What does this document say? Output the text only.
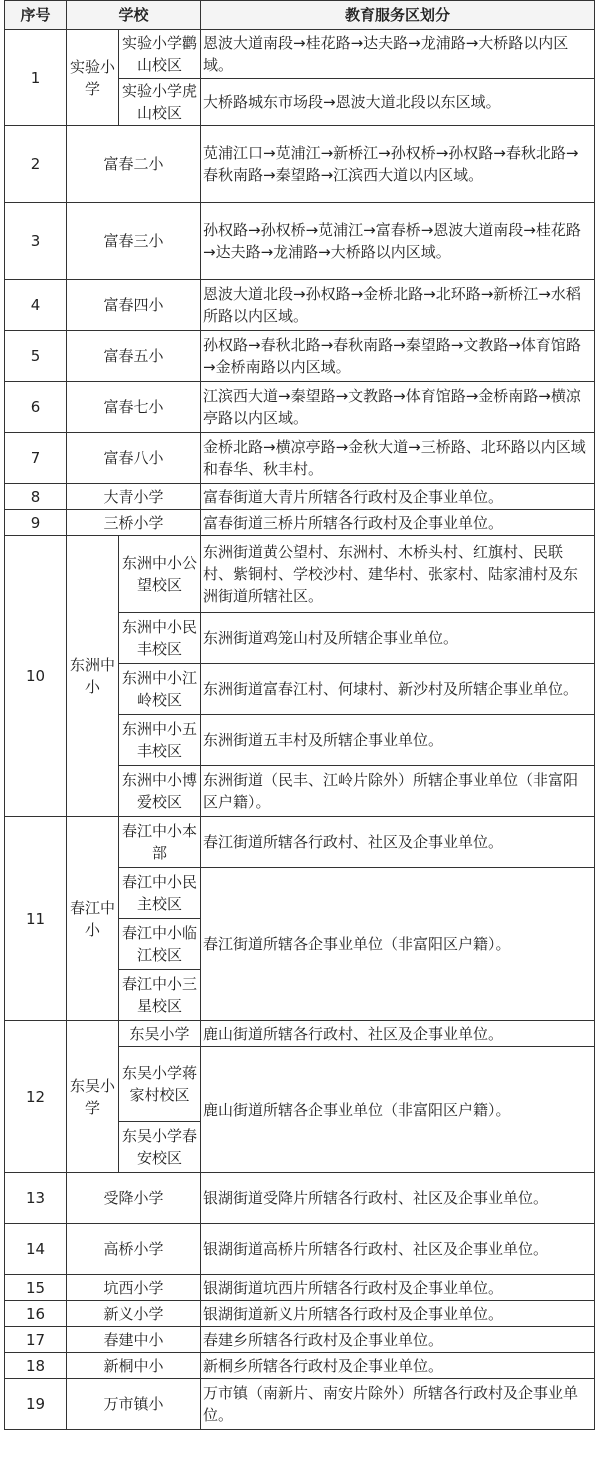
序号	学校		教育服务区划分
1	实验小学	实验小学鹳山校区	恩波大道南段→桂花路→达夫路→龙浦路→大桥路以内区域。
		实验小学虎山校区	大桥路城东市场段→恩波大道北段以东区域。
2	富春二小		苋浦江口→苋浦江→新桥江→孙权桥→孙权路→春秋北路→春秋南路→秦望路→江滨西大道以内区域。
3	富春三小		孙权路→孙权桥→苋浦江→富春桥→恩波大道南段→桂花路→达夫路→龙浦路→大桥路以内区域。
4	富春四小		恩波大道北段→孙权路→金桥北路→北环路→新桥江→水稻所路以内区域。
5	富春五小		孙权路→春秋北路→春秋南路→秦望路→文教路→体育馆路→金桥南路以内区域。
6	富春七小		江滨西大道→秦望路→文教路→体育馆路→金桥南路→横凉亭路以内区域。
7	富春八小		金桥北路→横凉亭路→金秋大道→三桥路、北环路以内区域和春华、秋丰村。
8	大青小学		富春街道大青片所辖各行政村及企事业单位。
9	三桥小学		富春街道三桥片所辖各行政村及企事业单位。
10	东洲中小	东洲中小公望校区	东洲街道黄公望村、东洲村、木桥头村、红旗村、民联村、紫铜村、学校沙村、建华村、张家村、陆家浦村及东洲街道所辖社区。
		东洲中小民丰校区	东洲街道鸡笼山村及所辖企事业单位。
		东洲中小江岭校区	东洲街道富春江村、何埭村、新沙村及所辖企事业单位。
		东洲中小五丰校区	东洲街道五丰村及所辖企事业单位。
		东洲中小博爱校区	东洲街道（民丰、江岭片除外）所辖企事业单位（非富阳区户籍）。
11	春江中小	春江中小本部	春江街道所辖各行政村、社区及企事业单位。
		春江中小民主校区	春江街道所辖各企事业单位（非富阳区户籍）。
		春江中小临江校区	
		春江中小三星校区	
12	东吴小学	东吴小学	鹿山街道所辖各行政村、社区及企事业单位。
		东吴小学蒋家村校区	鹿山街道所辖各企事业单位（非富阳区户籍）。
		东吴小学春安校区	
13	受降小学		银湖街道受降片所辖各行政村、社区及企事业单位。
14	高桥小学		银湖街道高桥片所辖各行政村、社区及企事业单位。
15	坑西小学		银湖街道坑西片所辖各行政村及企事业单位。
16	新义小学		银湖街道新义片所辖各行政村及企事业单位。
17	春建中小		春建乡所辖各行政村及企事业单位。
18	新桐中小		新桐乡所辖各行政村及企事业单位。
19	万市镇小		万市镇（南新片、南安片除外）所辖各行政村及企事业单位。
